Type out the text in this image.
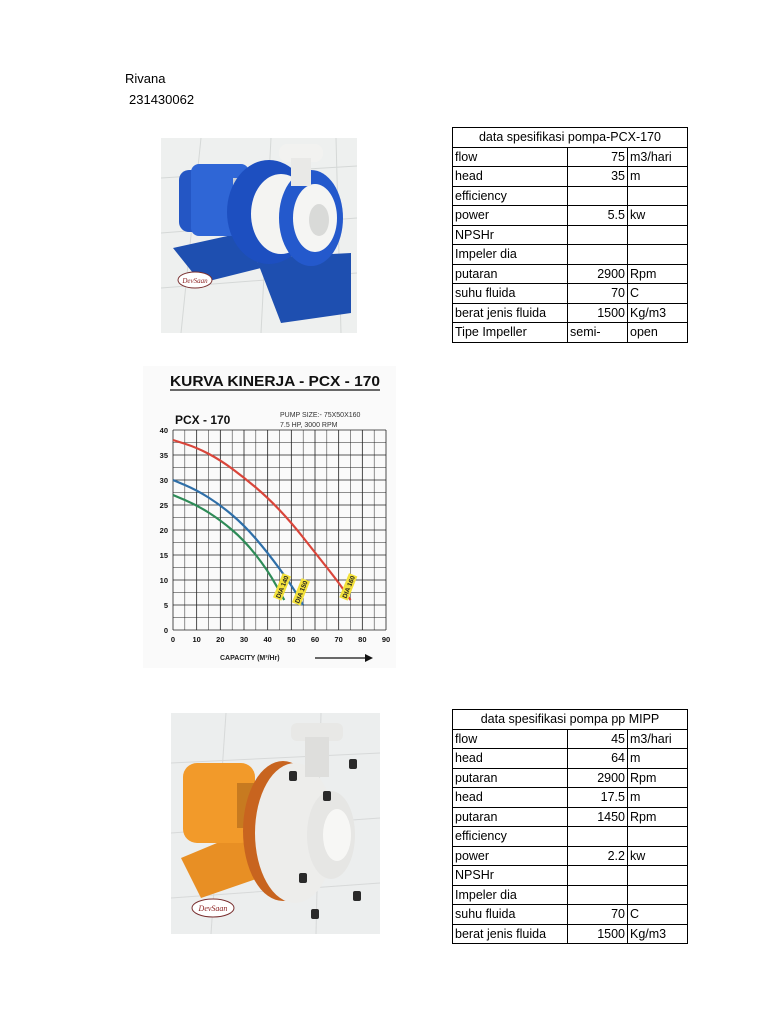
Rivana
231430062
DevSaan
data spesifikasi pompa-PCX-170		
flow	75	m3/hari
head	35	m
efficiency		
power	5.5	kw
NPSHr		
Impeler dia		
putaran	2900	Rpm
suhu fluida	70	C
berat jenis fluida	1500	Kg/m3
Tipe Impeller	semi-	open
KURVA KINERJA - PCX - 170
PCX - 170	PUMP SIZE:- 75X50X160
7.5 HP, 3000 RPM
0 10 20 30 40 50 60 70 80 90
0
5
10
15
20
25
30
35
40
DIA 160
DIA 150
DIA 140
CAPACITY (M³/Hr)
DevSaan
data spesifikasi pompa pp MIPP		
flow	45	m3/hari
head	64	m
putaran	2900	Rpm
head	17.5	m
putaran	1450	Rpm
efficiency		
power	2.2	kw
NPSHr		
Impeler dia		
suhu fluida	70	C
berat jenis fluida	1500	Kg/m3
